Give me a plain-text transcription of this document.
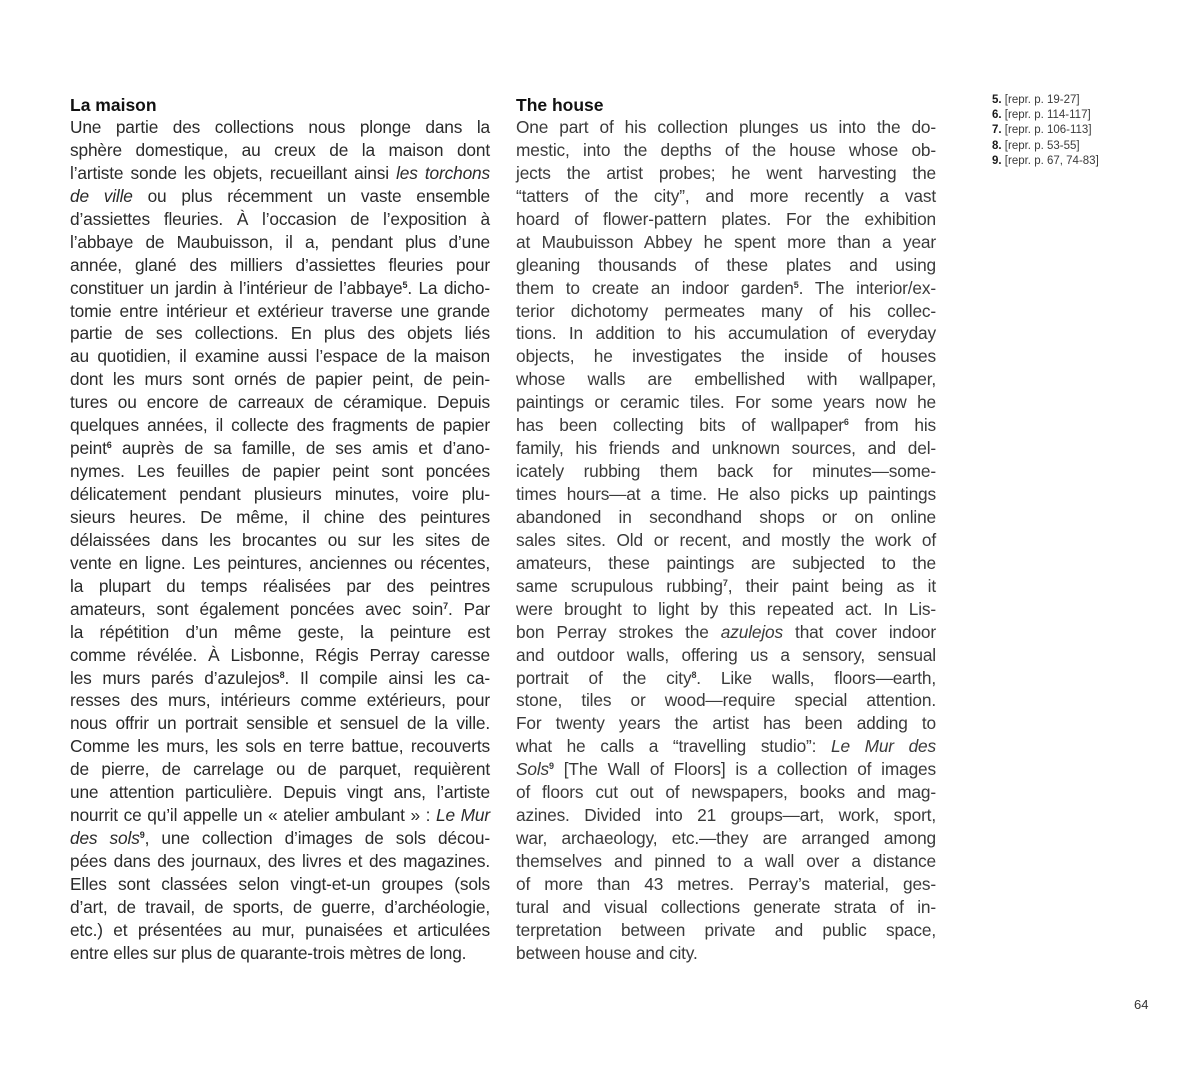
La maison
Une partie des collections nous plonge dans la
sphère domestique, au creux de la maison dont
l’artiste sonde les objets, recueillant ainsi les torchons
de ville ou plus récemment un vaste ensemble
d’assiettes fleuries. À l’occasion de l’exposition à
l’abbaye de Maubuisson, il a, pendant plus d’une
année, glané des milliers d’assiettes fleuries pour
constituer un jardin à l’intérieur de l’abbaye$^5$. La dicho-
tomie entre intérieur et extérieur traverse une grande
partie de ses collections. En plus des objets liés
au quotidien, il examine aussi l’espace de la maison
dont les murs sont ornés de papier peint, de pein-
tures ou encore de carreaux de céramique. Depuis
quelques années, il collecte des fragments de papier
peint$^6$ auprès de sa famille, de ses amis et d’ano-
nymes. Les feuilles de papier peint sont poncées
délicatement pendant plusieurs minutes, voire plu-
sieurs heures. De même, il chine des peintures
délaissées dans les brocantes ou sur les sites de
vente en ligne. Les peintures, anciennes ou récentes,
la plupart du temps réalisées par des peintres
amateurs, sont également poncées avec soin$^7$. Par
la répétition d’un même geste, la peinture est
comme révélée. À Lisbonne, Régis Perray caresse
les murs parés d’azulejos$^8$. Il compile ainsi les ca-
resses des murs, intérieurs comme extérieurs, pour
nous offrir un portrait sensible et sensuel de la ville.
Comme les murs, les sols en terre battue, recouverts
de pierre, de carrelage ou de parquet, requièrent
une attention particulière. Depuis vingt ans, l’artiste
nourrit ce qu’il appelle un « atelier ambulant » : Le Mur
des sols$^9$, une collection d’images de sols décou-
pées dans des journaux, des livres et des magazines.
Elles sont classées selon vingt-et-un groupes (sols
d’art, de travail, de sports, de guerre, d’archéologie,
etc.) et présentées au mur, punaisées et articulées
entre elles sur plus de quarante-trois mètres de long.
The house
One part of his collection plunges us into the do-
mestic, into the depths of the house whose ob-
jects the artist probes; he went harvesting the
“tatters of the city”, and more recently a vast
hoard of flower-pattern plates. For the exhibition
at Maubuisson Abbey he spent more than a year
gleaning thousands of these plates and using
them to create an indoor garden$^5$. The interior/ex-
terior dichotomy permeates many of his collec-
tions. In addition to his accumulation of everyday
objects, he investigates the inside of houses
whose walls are embellished with wallpaper,
paintings or ceramic tiles. For some years now he
has been collecting bits of wallpaper$^6$ from his
family, his friends and unknown sources, and del-
icately rubbing them back for minutes—some-
times hours—at a time. He also picks up paintings
abandoned in secondhand shops or on online
sales sites. Old or recent, and mostly the work of
amateurs, these paintings are subjected to the
same scrupulous rubbing$^7$, their paint being as it
were brought to light by this repeated act. In Lis-
bon Perray strokes the azulejos that cover indoor
and outdoor walls, offering us a sensory, sensual
portrait of the city$^8$. Like walls, floors—earth,
stone, tiles or wood—require special attention.
For twenty years the artist has been adding to
what he calls a “travelling studio”: Le Mur des
Sols$^9$ [The Wall of Floors] is a collection of images
of floors cut out of newspapers, books and mag-
azines. Divided into 21 groups—art, work, sport,
war, archaeology, etc.—they are arranged among
themselves and pinned to a wall over a distance
of more than 43 metres. Perray’s material, ges-
tural and visual collections generate strata of in-
terpretation between private and public space,
between house and city.
5. [repr. p. 19-27]
6. [repr. p. 114-117]
7. [repr. p. 106-113]
8. [repr. p. 53-55]
9. [repr. p. 67, 74-83]
64
